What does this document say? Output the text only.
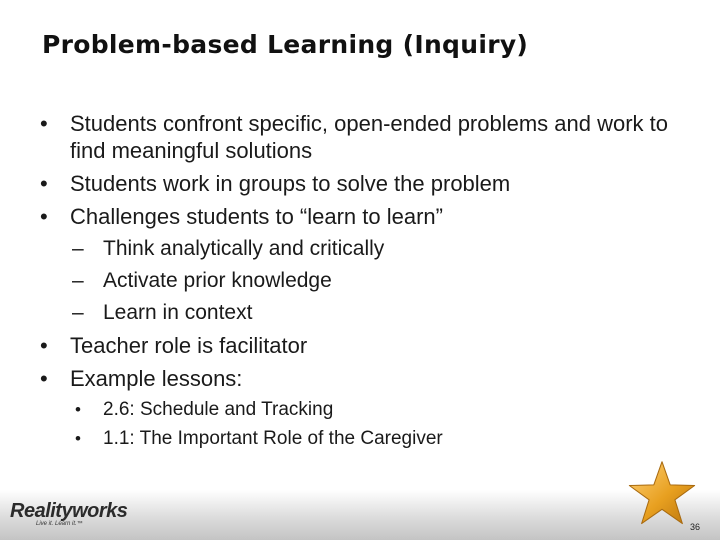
Problem-based Learning (Inquiry)
• Students confront specific, open-ended problems and work to find meaningful solutions
• Students work in groups to solve the problem
• Challenges students to “learn to learn”
– Think analytically and critically
– Activate prior knowledge
– Learn in context
• Teacher role is facilitator
• Example lessons:
• 2.6: Schedule and Tracking
• 1.1: The Important Role of the Caregiver
Realityworks
Live it. Learn it.™	36
